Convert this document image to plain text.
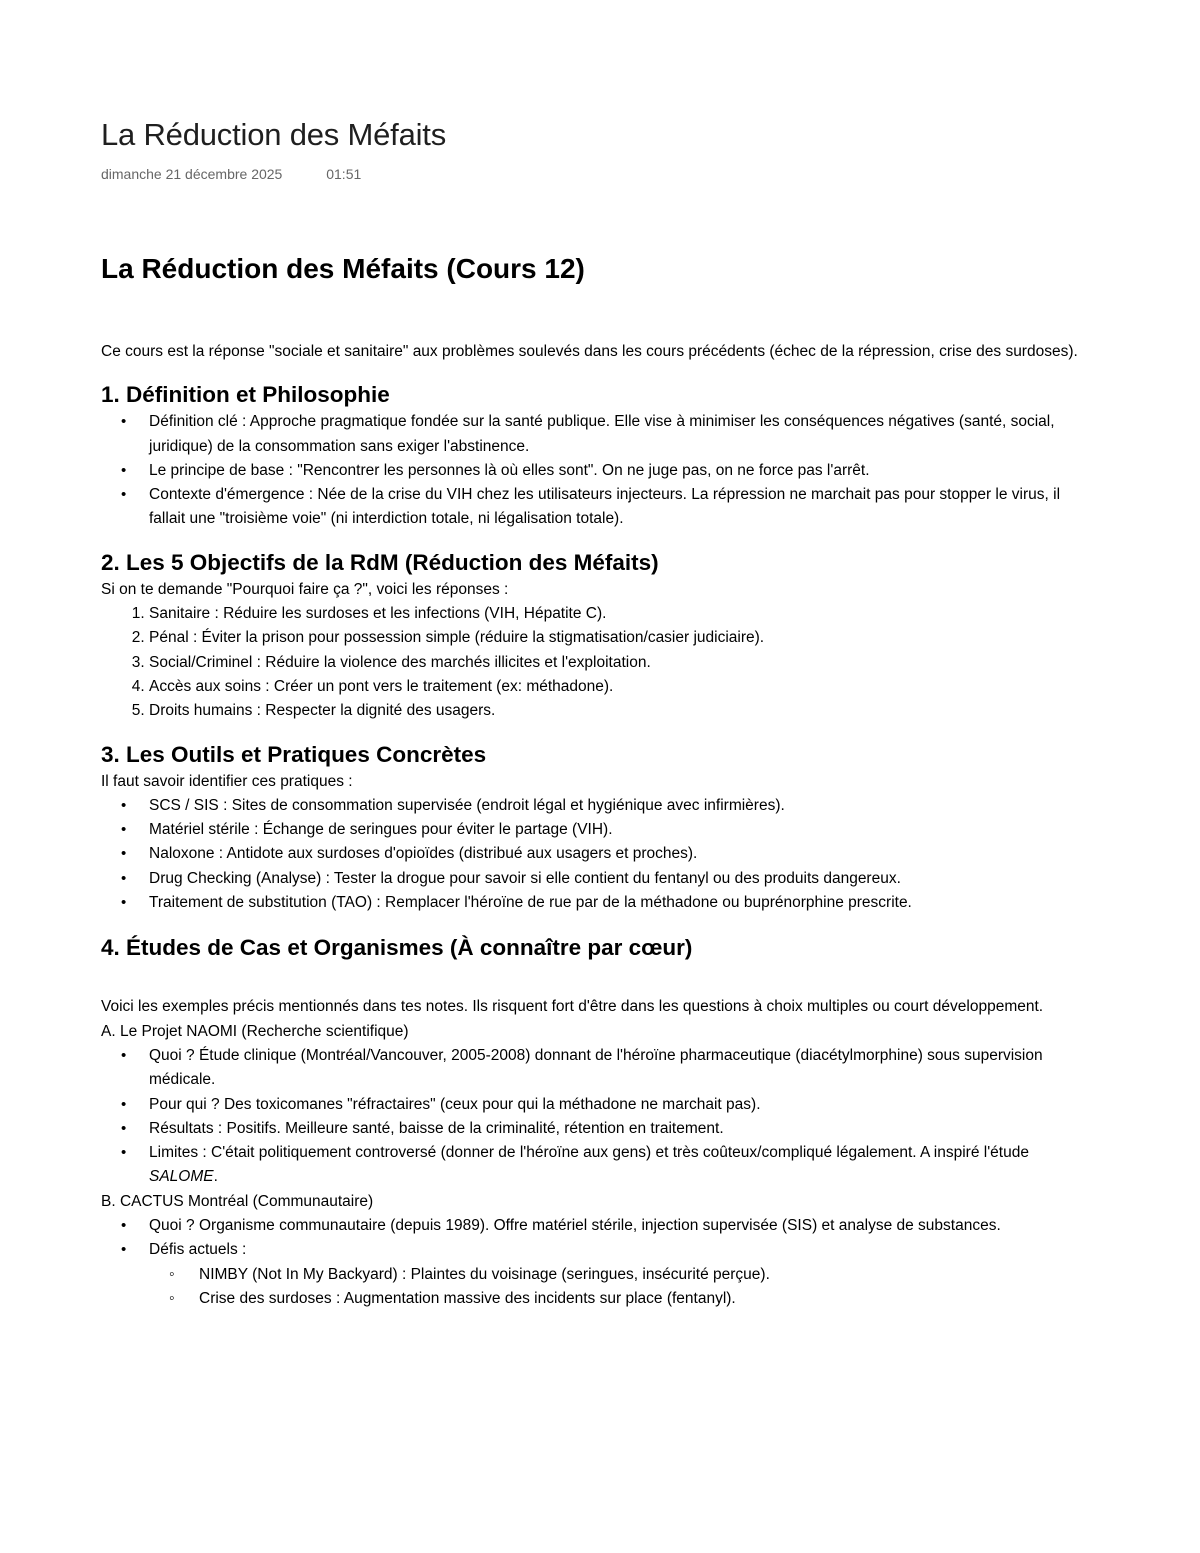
La Réduction des Méfaits
dimanche 21 décembre 2025	01:51
La Réduction des Méfaits (Cours 12)

Ce cours est la réponse "sociale et sanitaire" aux problèmes soulevés dans les cours précédents (échec de la répression, crise des surdoses).

1. Définition et Philosophie
• Définition clé : Approche pragmatique fondée sur la santé publique. Elle vise à minimiser les conséquences négatives (santé, social, juridique) de la consommation sans exiger l'abstinence.
• Le principe de base : "Rencontrer les personnes là où elles sont". On ne juge pas, on ne force pas l'arrêt.
• Contexte d'émergence : Née de la crise du VIH chez les utilisateurs injecteurs. La répression ne marchait pas pour stopper le virus, il fallait une "troisième voie" (ni interdiction totale, ni légalisation totale).
2. Les 5 Objectifs de la RdM (Réduction des Méfaits)

Si on te demande "Pourquoi faire ça ?", voici les réponses :

1. Sanitaire : Réduire les surdoses et les infections (VIH, Hépatite C).
2. Pénal : Éviter la prison pour possession simple (réduire la stigmatisation/casier judiciaire).
3. Social/Criminel : Réduire la violence des marchés illicites et l'exploitation.
4. Accès aux soins : Créer un pont vers le traitement (ex: méthadone).
5. Droits humains : Respecter la dignité des usagers.
3. Les Outils et Pratiques Concrètes

Il faut savoir identifier ces pratiques :

• SCS / SIS : Sites de consommation supervisée (endroit légal et hygiénique avec infirmières).
• Matériel stérile : Échange de seringues pour éviter le partage (VIH).
• Naloxone : Antidote aux surdoses d'opioïdes (distribué aux usagers et proches).
• Drug Checking (Analyse) : Tester la drogue pour savoir si elle contient du fentanyl ou des produits dangereux.
• Traitement de substitution (TAO) : Remplacer l'héroïne de rue par de la méthadone ou buprénorphine prescrite.
4. Études de Cas et Organismes (À connaître par cœur)

Voici les exemples précis mentionnés dans tes notes. Ils risquent fort d'être dans les questions à choix multiples ou court développement.

A. Le Projet NAOMI (Recherche scientifique)

• Quoi ? Étude clinique (Montréal/Vancouver, 2005-2008) donnant de l'héroïne pharmaceutique (diacétylmorphine) sous supervision médicale.
• Pour qui ? Des toxicomanes "réfractaires" (ceux pour qui la méthadone ne marchait pas).
• Résultats : Positifs. Meilleure santé, baisse de la criminalité, rétention en traitement.
• Limites : C'était politiquement controversé (donner de l'héroïne aux gens) et très coûteux/compliqué légalement. A inspiré l'étude SALOME.

B. CACTUS Montréal (Communautaire)

• Quoi ? Organisme communautaire (depuis 1989). Offre matériel stérile, injection supervisée (SIS) et analyse de substances.
• Défis actuels :
◦ NIMBY (Not In My Backyard) : Plaintes du voisinage (seringues, insécurité perçue).
◦ Crise des surdoses : Augmentation massive des incidents sur place (fentanyl).
